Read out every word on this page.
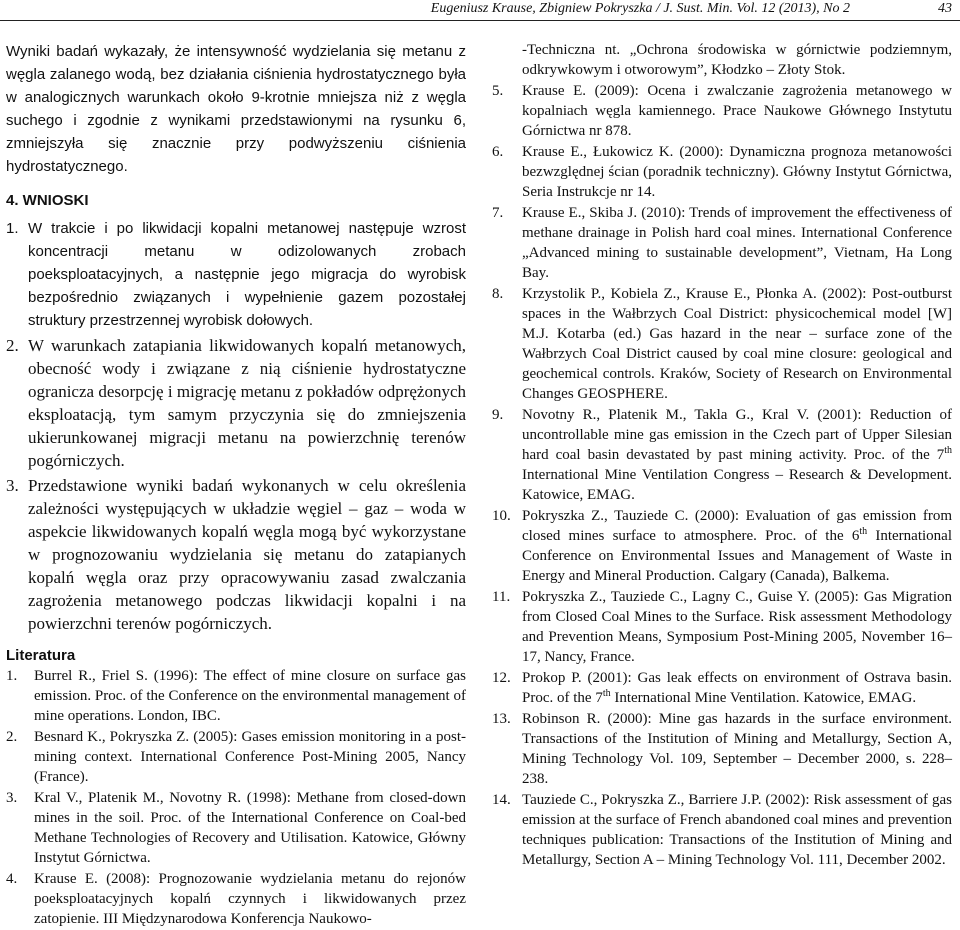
Eugeniusz Krause, Zbigniew Pokryszka / J. Sust. Min. Vol. 12 (2013), No 2	43

Wyniki badań wykazały, że intensywność wydzielania się metanu z węgla zalanego wodą, bez działania ciśnienia hydrostatycznego była w analogicznych warunkach około 9-krotnie mniejsza niż z węgla suchego i zgodnie z wynikami przedstawionymi na rysunku 6, zmniejszyła się znacznie przy podwyższeniu ciśnienia hydrostatycznego.

4. WNIOSKI
1. W trakcie i po likwidacji kopalni metanowej następuje wzrost koncentracji metanu w odizolowanych zrobach poeksploatacyjnych, a następnie jego migracja do wyrobisk bezpośrednio związanych i wypełnienie gazem pozostałej struktury przestrzennej wyrobisk dołowych.
2. W warunkach zatapiania likwidowanych kopalń metanowych, obecność wody i związane z nią ciśnienie hydrostatyczne ogranicza desorpcję i migrację metanu z pokładów odprężonych eksploatacją, tym samym przyczynia się do zmniejszenia ukierunkowanej migracji metanu na powierzchnię terenów pogórniczych.
3. Przedstawione wyniki badań wykonanych w celu określenia zależności występujących w układzie węgiel – gaz – woda w aspekcie likwidowanych kopalń węgla mogą być wykorzystane w prognozowaniu wydzielania się metanu do zatapianych kopalń węgla oraz przy opracowywaniu zasad zwalczania zagrożenia metanowego podczas likwidacji kopalni i na powierzchni terenów pogórniczych.
Literatura
1. Burrel R., Friel S. (1996): The effect of mine closure on surface gas emission. Proc. of the Conference on the environmental management of mine operations. London, IBC.
2. Besnard K., Pokryszka Z. (2005): Gases emission monitoring in a post-mining context. International Conference Post-Mining 2005, Nancy (France).
3. Kral V., Platenik M., Novotny R. (1998): Methane from closed-down mines in the soil. Proc. of the International Conference on Coal-bed Methane Technologies of Recovery and Utilisation. Katowice, Główny Instytut Górnictwa.
4. Krause E. (2008): Prognozowanie wydzielania metanu do rejonów poeksploatacyjnych kopalń czynnych i likwidowanych przez zatopienie. III Międzynarodowa Konferencja Naukowo-
-Techniczna nt. „Ochrona środowiska w górnictwie podziemnym, odkrywkowym i otworowym”, Kłodzko – Złoty Stok.
5. Krause E. (2009): Ocena i zwalczanie zagrożenia metanowego w kopalniach węgla kamiennego. Prace Naukowe Głównego Instytutu Górnictwa nr 878.
6. Krause E., Łukowicz K. (2000): Dynamiczna prognoza metanowości bezwzględnej ścian (poradnik techniczny). Główny Instytut Górnictwa, Seria Instrukcje nr 14.
7. Krause E., Skiba J. (2010): Trends of improvement the effectiveness of methane drainage in Polish hard coal mines. International Conference „Advanced mining to sustainable development”, Vietnam, Ha Long Bay.
8. Krzystolik P., Kobiela Z., Krause E., Płonka A. (2002): Post-outburst spaces in the Wałbrzych Coal District: physicochemical model [W] M.J. Kotarba (ed.) Gas hazard in the near – surface zone of the Wałbrzych Coal District caused by coal mine closure: geological and geochemical controls. Kraków, Society of Research on Environmental Changes GEOSPHERE.
9. Novotny R., Platenik M., Takla G., Kral V. (2001): Reduction of uncontrollable mine gas emission in the Czech part of Upper Silesian hard coal basin devastated by past mining activity. Proc. of the 7th International Mine Ventilation Congress – Research & Development. Katowice, EMAG.
10. Pokryszka Z., Tauziede C. (2000): Evaluation of gas emission from closed mines surface to atmosphere. Proc. of the 6th International Conference on Environmental Issues and Management of Waste in Energy and Mineral Production. Calgary (Canada), Balkema.
11. Pokryszka Z., Tauziede C., Lagny C., Guise Y. (2005): Gas Migration from Closed Coal Mines to the Surface. Risk assessment Methodology and Prevention Means, Symposium Post-Mining 2005, November 16–17, Nancy, France.
12. Prokop P. (2001): Gas leak effects on environment of Ostrava basin. Proc. of the 7th International Mine Ventilation. Katowice, EMAG.
13. Robinson R. (2000): Mine gas hazards in the surface environment. Transactions of the Institution of Mining and Metallurgy, Section A, Mining Technology Vol. 109, September – December 2000, s. 228–238.
14. Tauziede C., Pokryszka Z., Barriere J.P. (2002): Risk assessment of gas emission at the surface of French abandoned coal mines and prevention techniques publication: Transactions of the Institution of Mining and Metallurgy, Section A – Mining Technology Vol. 111, December 2002.
